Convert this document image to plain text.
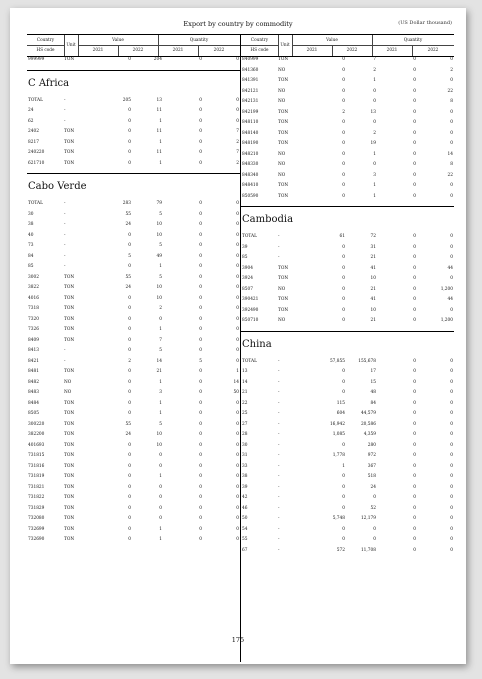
Export by country by commodity	(US Dollar thousand)
Country
HS code
Unit
Value	Quantity
2021	2022	2021	2022
Country
HS code
Unit
Value	Quantity
2021	2022	2021	2022
999999	TON	0	204	0	0
C Africa
TOTAL	-	205	13	0	0
24	-	0	11	0	0
62	-	0	1	0	0
2402	TON	0	11	0	7
8217	TON	0	1	0	2
240220	TON	0	11	0	7
621710	TON	0	1	0	2
Cabo Verde
TOTAL	-	283	79	0	0
30	-	55	5	0	0
38	-	24	10	0	0
40	-	0	10	0	0
73	-	0	5	0	0
84	-	5	49	0	0
85	-	0	1	0	0
3002	TON	55	5	0	0
3822	TON	24	10	0	0
4016	TON	0	10	0	0
7318	TON	0	2	0	0
7320	TON	0	0	0	0
7326	TON	0	1	0	0
8409	TON	0	7	0	0
8413	-	0	5	0	0
8421	-	2	14	5	0
8481	TON	0	21	0	1
8482	NO	0	1	0	14
8483	NO	0	3	0	50
8484	TON	0	1	0	0
8505	TON	0	1	0	0
300220	TON	55	5	0	0
382200	TON	24	10	0	0
401693	TON	0	10	0	0
731815	TON	0	0	0	0
731816	TON	0	0	0	0
731819	TON	0	1	0	0
731821	TON	0	0	0	0
731822	TON	0	0	0	0
731829	TON	0	0	0	0
732080	TON	0	0	0	0
732699	TON	0	1	0	0
732690	TON	0	1	0	0
840999	TON	0	7	0	0
841360	NO	0	2	0	2
841391	TON	0	1	0	0
842121	NO	0	0	0	22
842131	NO	0	0	0	8
842199	TON	2	13	0	0
848110	TON	0	0	0	0
848140	TON	0	2	0	0
848190	TON	0	19	0	0
848210	NO	0	1	0	14
848330	NO	0	0	0	8
848340	NO	0	3	0	22
848410	TON	0	1	0	0
850590	TON	0	1	0	0
Cambodia
TOTAL	-	61	72	0	0
39	-	0	31	0	0
85	-	0	21	0	0
3904	TON	0	41	0	44
3924	TON	0	10	0	0
8507	NO	0	21	0	1,200
390421	TON	0	41	0	44
392490	TON	0	10	0	0
850710	NO	0	21	0	1,200
China
TOTAL	-	57,855	155,678	0	0
13	-	0	17	0	0
14	-	0	15	0	0
21	-	0	48	0	0
22	-	115	84	0	0
25	-	604	44,579	0	0
27	-	16,942	20,586	0	0
28	-	1,085	4,359	0	0
30	-	0	280	0	0
31	-	1,778	972	0	0
33	-	1	367	0	0
38	-	0	518	0	0
39	-	0	24	0	0
42	-	0	0	0	0
46	-	0	52	0	0
50	-	5,748	12,179	0	0
54	-	0	0	0	0
55	-	0	0	0	0
67	-	572	11,708	0	0
175
